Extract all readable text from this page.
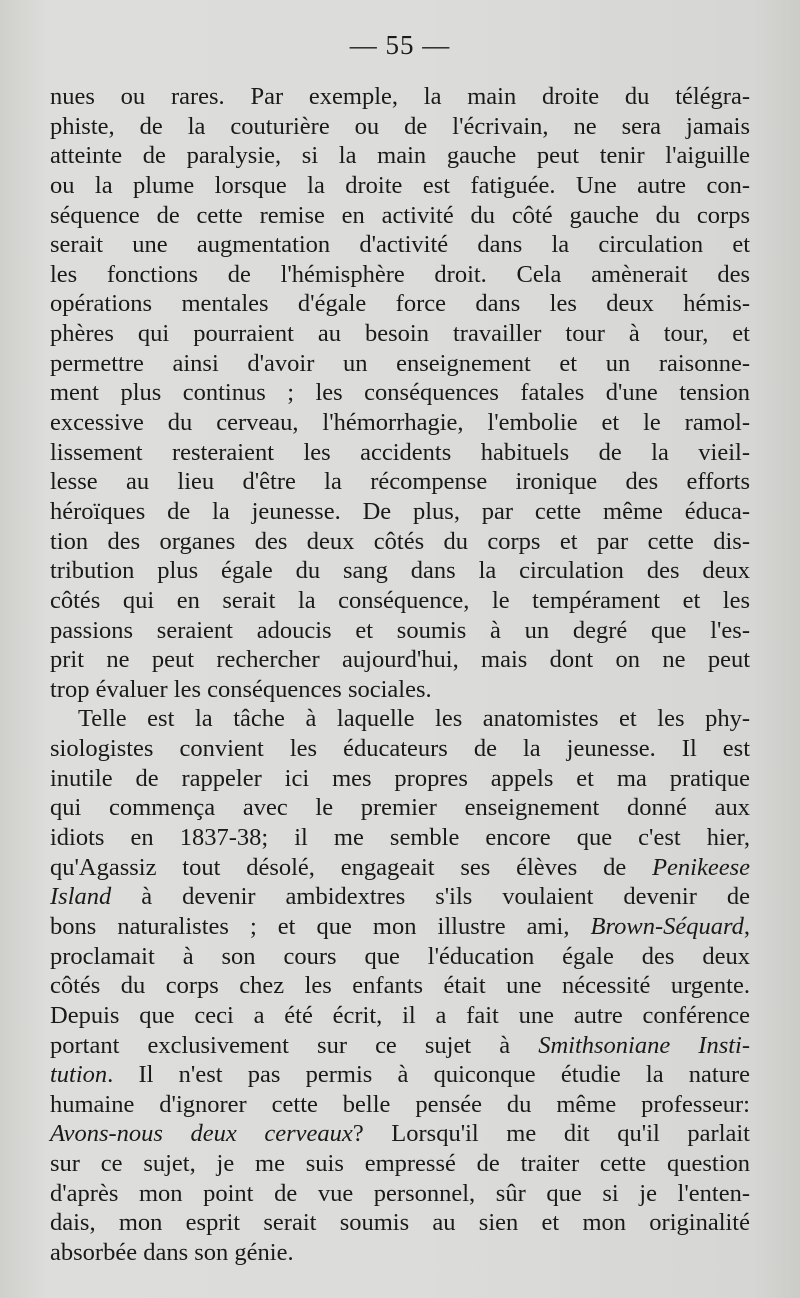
— 55 —
nues ou rares. Par exemple, la main droite du télégra-
phiste, de la couturière ou de l'écrivain, ne sera jamais
atteinte de paralysie, si la main gauche peut tenir l'aiguille
ou la plume lorsque la droite est fatiguée. Une autre con-
séquence de cette remise en activité du côté gauche du corps
serait une augmentation d'activité dans la circulation et
les fonctions de l'hémisphère droit. Cela amènerait des
opérations mentales d'égale force dans les deux hémis-
phères qui pourraient au besoin travailler tour à tour, et
permettre ainsi d'avoir un enseignement et un raisonne-
ment plus continus ; les conséquences fatales d'une tension
excessive du cerveau, l'hémorrhagie, l'embolie et le ramol-
lissement resteraient les accidents habituels de la vieil-
lesse au lieu d'être la récompense ironique des efforts
héroïques de la jeunesse. De plus, par cette même éduca-
tion des organes des deux côtés du corps et par cette dis-
tribution plus égale du sang dans la circulation des deux
côtés qui en serait la conséquence, le tempérament et les
passions seraient adoucis et soumis à un degré que l'es-
prit ne peut rechercher aujourd'hui, mais dont on ne peut
trop évaluer les conséquences sociales.
Telle est la tâche à laquelle les anatomistes et les phy-
siologistes convient les éducateurs de la jeunesse. Il est
inutile de rappeler ici mes propres appels et ma pratique
qui commença avec le premier enseignement donné aux
idiots en 1837-38; il me semble encore que c'est hier,
qu'Agassiz tout désolé, engageait ses élèves de Penikeese
Island à devenir ambidextres s'ils voulaient devenir de
bons naturalistes ; et que mon illustre ami, Brown-Séquard,
proclamait à son cours que l'éducation égale des deux
côtés du corps chez les enfants était une nécessité urgente.
Depuis que ceci a été écrit, il a fait une autre conférence
portant exclusivement sur ce sujet à Smithsoniane Insti-
tution. Il n'est pas permis à quiconque étudie la nature
humaine d'ignorer cette belle pensée du même professeur:
Avons-nous deux cerveaux? Lorsqu'il me dit qu'il parlait
sur ce sujet, je me suis empressé de traiter cette question
d'après mon point de vue personnel, sûr que si je l'enten-
dais, mon esprit serait soumis au sien et mon originalité
absorbée dans son génie.
